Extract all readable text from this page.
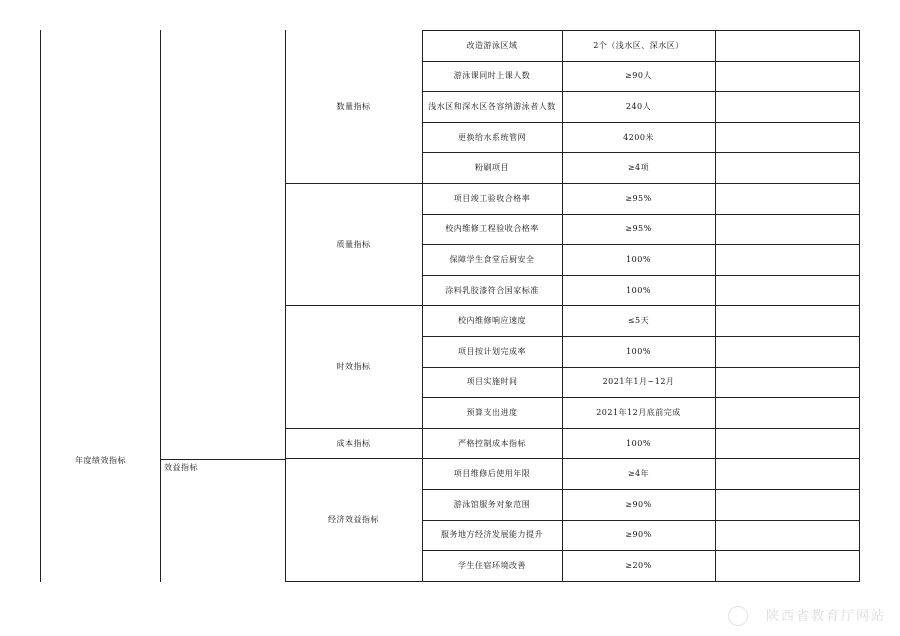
年度绩效指标
效益指标
数量指标
改造游泳区域	2个（浅水区、深水区）
游泳课同时上课人数	≥90人
浅水区和深水区各容纳游泳者人数	240人
更换给水系统管网	4200米
粉刷项目	≥4项
质量指标
项目竣工验收合格率	≥95%
校内维修工程验收合格率	≥95%
保障学生食堂后厨安全	100%
涂料乳胶漆符合国家标准	100%
时效指标
校内维修响应速度	≤5天
项目按计划完成率	100%
项目实施时间	2021年1月~12月
预算支出进度	2021年12月底前完成
成本指标	严格控制成本指标	100%
经济效益指标
项目维修后使用年限	≥4年
游泳馆服务对象范围	≥90%
服务地方经济发展能力提升	≥90%
学生住宿环境改善	≥20%
陕西省教育厅网站
